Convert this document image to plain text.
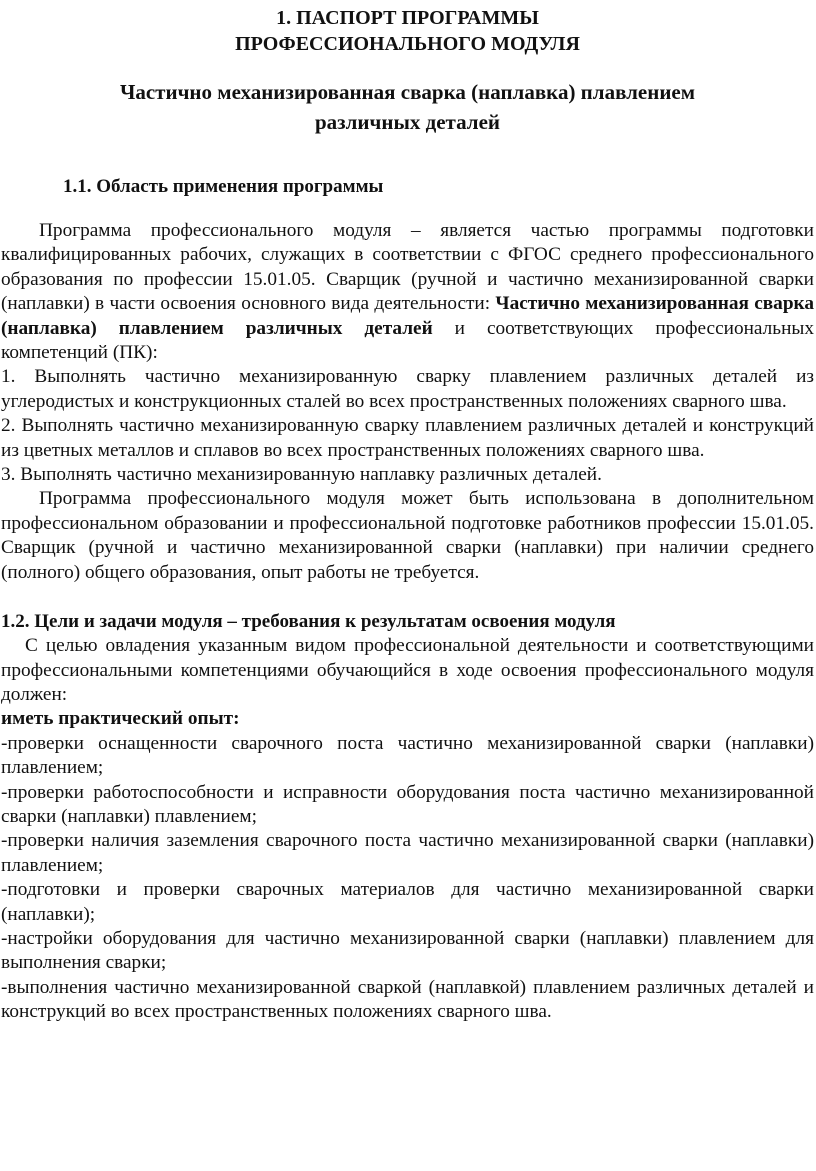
1. ПАСПОРТ ПРОГРАММЫ
ПРОФЕССИОНАЛЬНОГО МОДУЛЯ
Частично механизированная сварка (наплавка) плавлением
различных деталей
1.1. Область применения программы

Программа профессионального модуля – является частью программы подготовки квалифицированных рабочих, служащих в соответствии с ФГОС среднего профессионального образования по профессии 15.01.05. Сварщик (ручной и частично механизированной сварки (наплавки) в части освоения основного вида деятельности: Частично механизированная сварка (наплавка) плавлением различных деталей и соответствующих профессиональных компетенций (ПК):

1. Выполнять частично механизированную сварку плавлением различных деталей из углеродистых и конструкционных сталей во всех пространственных положениях сварного шва.

2. Выполнять частично механизированную сварку плавлением различных деталей и конструкций из цветных металлов и сплавов во всех пространственных положениях сварного шва.

3. Выполнять частично механизированную наплавку различных деталей.

Программа профессионального модуля может быть использована в дополнительном профессиональном образовании и профессиональной подготовке работников профессии 15.01.05. Сварщик (ручной и частично механизированной сварки (наплавки) при наличии среднего (полного) общего образования, опыт работы не требуется.

1.2. Цели и задачи модуля – требования к результатам освоения модуля

С целью овладения указанным видом профессиональной деятельности и соответствующими профессиональными компетенциями обучающийся в ходе освоения профессионального модуля должен:

иметь практический опыт:

-проверки оснащенности сварочного поста частично механизированной сварки (наплавки) плавлением;

-проверки работоспособности и исправности оборудования поста частично механизированной сварки (наплавки) плавлением;

-проверки наличия заземления сварочного поста частично механизированной сварки (наплавки) плавлением;

-подготовки и проверки сварочных материалов для частично механизированной сварки (наплавки);

-настройки оборудования для частично механизированной сварки (наплавки) плавлением для выполнения сварки;

-выполнения частично механизированной сваркой (наплавкой) плавлением различных деталей и конструкций во всех пространственных положениях сварного шва.
